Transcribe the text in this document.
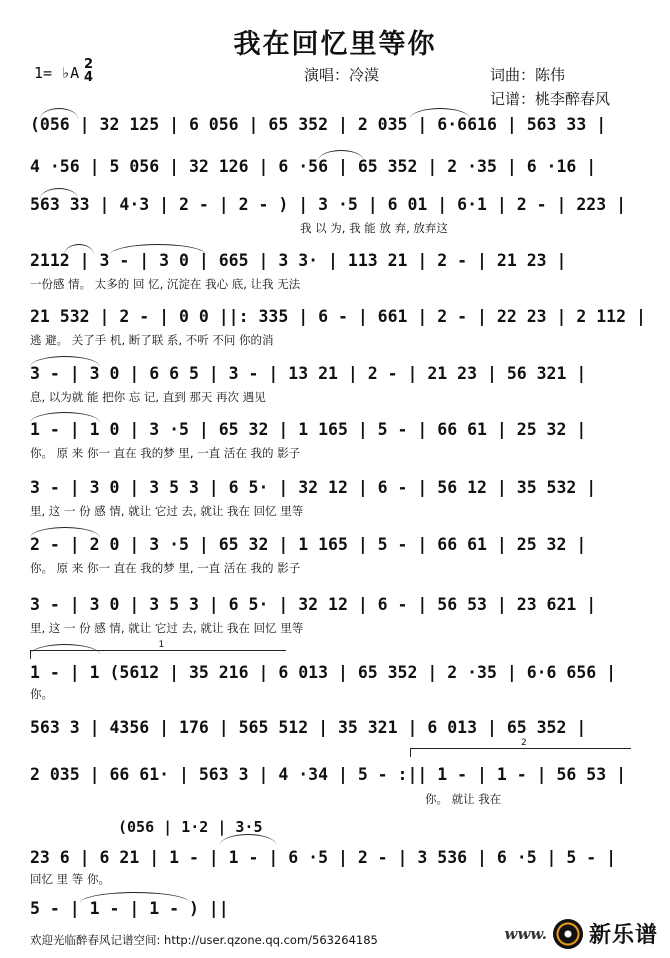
我在回忆里等你
1= ♭A 2
4	演唱：冷漠	词曲：陈伟
记谱：桃李醉春风
(056 | 32 125 | 6 056 | 65 352 | 2 035 | 6·6616 | 563 33 |
4 ·56 | 5 056 | 32 126 | 6 ·56 | 65 352 | 2 ·35 | 6 ·16 |
563 33 | 4·3 | 2 - | 2 - ) | 3 ·5 | 6 01 | 6·1 | 2 - | 223 |
我 以 为, 我 能 放 弃, 放弃这
2112 | 3 - | 3 0 | 665 | 3 3· | 113 21 | 2 - | 21 23 |
一份感 情。 太多的 回 忆, 沉淀在 我心 底, 让我 无法
21 532 | 2 - | 0 0 ||: 335 | 6 - | 661 | 2 - | 22 23 | 2 112 |
逃 避。 关了手 机, 断了联 系, 不听 不问 你的消
3 - | 3 0 | 6 6 5 | 3 - | 13 21 | 2 - | 21 23 | 56 321 |
息, 以为就 能 把你 忘 记, 直到 那天 再次 遇见
1 - | 1 0 | 3 ·5 | 65 32 | 1 165 | 5 - | 66 61 | 25 32 |
你。 原 来 你一 直在 我的梦 里, 一直 活在 我的 影子
3 - | 3 0 | 3 5 3 | 6 5· | 32 12 | 6 - | 56 12 | 35 532 |
里, 这 一 份 感 情, 就让 它过 去, 就让 我在 回忆 里等
2 - | 2 0 | 3 ·5 | 65 32 | 1 165 | 5 - | 66 61 | 25 32 |
你。 原 来 你一 直在 我的梦 里, 一直 活在 我的 影子
3 - | 3 0 | 3 5 3 | 6 5· | 32 12 | 6 - | 56 53 | 23 621 |
里, 这 一 份 感 情, 就让 它过 去, 就让 我在 回忆 里等
1
1 - | 1 (5612 | 35 216 | 6 013 | 65 352 | 2 ·35 | 6·6 656 |
你。
563 3 | 4356 | 176 | 565 512 | 35 321 | 6 013 | 65 352 |
2
2 035 | 66 61· | 563 3 | 4 ·34 | 5 - :|| 1 - | 1 - | 56 53 |
你。 就让 我在
(056 | 1·2 | 3·5
23 6 | 6 21 | 1 - | 1 - | 6 ·5 | 2 - | 3 536 | 6 ·5 | 5 - |
回忆 里 等 你。
5 - | 1 - | 1 - ) ||
欢迎光临醉春风记谱空间: http://user.qzone.qq.com/563264185	www. 新乐谱
